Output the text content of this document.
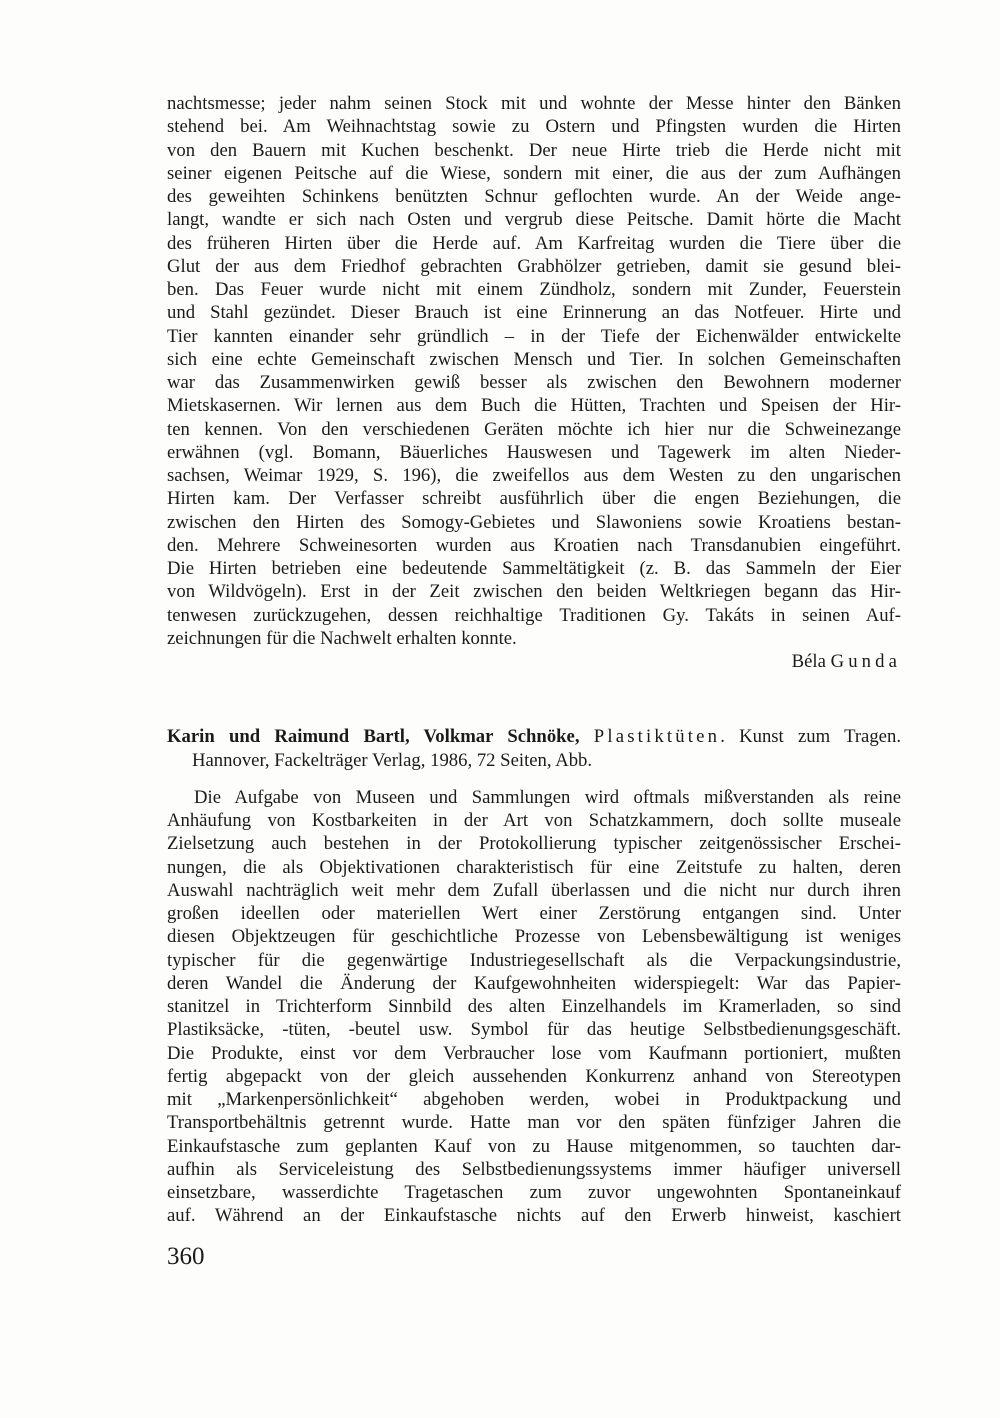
nachtsmesse; jeder nahm seinen Stock mit und wohnte der Messe hinter den Bänken
stehend bei. Am Weihnachtstag sowie zu Ostern und Pfingsten wurden die Hirten
von den Bauern mit Kuchen beschenkt. Der neue Hirte trieb die Herde nicht mit
seiner eigenen Peitsche auf die Wiese, sondern mit einer, die aus der zum Aufhängen
des geweihten Schinkens benützten Schnur geflochten wurde. An der Weide ange-
langt, wandte er sich nach Osten und vergrub diese Peitsche. Damit hörte die Macht
des früheren Hirten über die Herde auf. Am Karfreitag wurden die Tiere über die
Glut der aus dem Friedhof gebrachten Grabhölzer getrieben, damit sie gesund blei-
ben. Das Feuer wurde nicht mit einem Zündholz, sondern mit Zunder, Feuerstein
und Stahl gezündet. Dieser Brauch ist eine Erinnerung an das Notfeuer. Hirte und
Tier kannten einander sehr gründlich – in der Tiefe der Eichenwälder entwickelte
sich eine echte Gemeinschaft zwischen Mensch und Tier. In solchen Gemeinschaften
war das Zusammenwirken gewiß besser als zwischen den Bewohnern moderner
Mietskasernen. Wir lernen aus dem Buch die Hütten, Trachten und Speisen der Hir-
ten kennen. Von den verschiedenen Geräten möchte ich hier nur die Schweinezange
erwähnen (vgl. Bomann, Bäuerliches Hauswesen und Tagewerk im alten Nieder-
sachsen, Weimar 1929, S. 196), die zweifellos aus dem Westen zu den ungarischen
Hirten kam. Der Verfasser schreibt ausführlich über die engen Beziehungen, die
zwischen den Hirten des Somogy-Gebietes und Slawoniens sowie Kroatiens bestan-
den. Mehrere Schweinesorten wurden aus Kroatien nach Transdanubien eingeführt.
Die Hirten betrieben eine bedeutende Sammeltätigkeit (z. B. das Sammeln der Eier
von Wildvögeln). Erst in der Zeit zwischen den beiden Weltkriegen begann das Hir-
tenwesen zurückzugehen, dessen reichhaltige Traditionen Gy. Takáts in seinen Auf-
zeichnungen für die Nachwelt erhalten konnte.
Béla Gunda
Karin und Raimund Bartl, Volkmar Schnöke, Plastiktüten. Kunst zum Tragen.
Hannover, Fackelträger Verlag, 1986, 72 Seiten, Abb.
Die Aufgabe von Museen und Sammlungen wird oftmals mißverstanden als reine
Anhäufung von Kostbarkeiten in der Art von Schatzkammern, doch sollte museale
Zielsetzung auch bestehen in der Protokollierung typischer zeitgenössischer Erschei-
nungen, die als Objektivationen charakteristisch für eine Zeitstufe zu halten, deren
Auswahl nachträglich weit mehr dem Zufall überlassen und die nicht nur durch ihren
großen ideellen oder materiellen Wert einer Zerstörung entgangen sind. Unter
diesen Objektzeugen für geschichtliche Prozesse von Lebensbewältigung ist weniges
typischer für die gegenwärtige Industriegesellschaft als die Verpackungsindustrie,
deren Wandel die Änderung der Kaufgewohnheiten widerspiegelt: War das Papier-
stanitzel in Trichterform Sinnbild des alten Einzelhandels im Kramerladen, so sind
Plastiksäcke, -tüten, -beutel usw. Symbol für das heutige Selbstbedienungsgeschäft.
Die Produkte, einst vor dem Verbraucher lose vom Kaufmann portioniert, mußten
fertig abgepackt von der gleich aussehenden Konkurrenz anhand von Stereotypen
mit „Markenpersönlichkeit“ abgehoben werden, wobei in Produktpackung und
Transportbehältnis getrennt wurde. Hatte man vor den späten fünfziger Jahren die
Einkaufstasche zum geplanten Kauf von zu Hause mitgenommen, so tauchten dar-
aufhin als Serviceleistung des Selbstbedienungssystems immer häufiger universell
einsetzbare, wasserdichte Tragetaschen zum zuvor ungewohnten Spontaneinkauf
auf. Während an der Einkaufstasche nichts auf den Erwerb hinweist, kaschiert
360
